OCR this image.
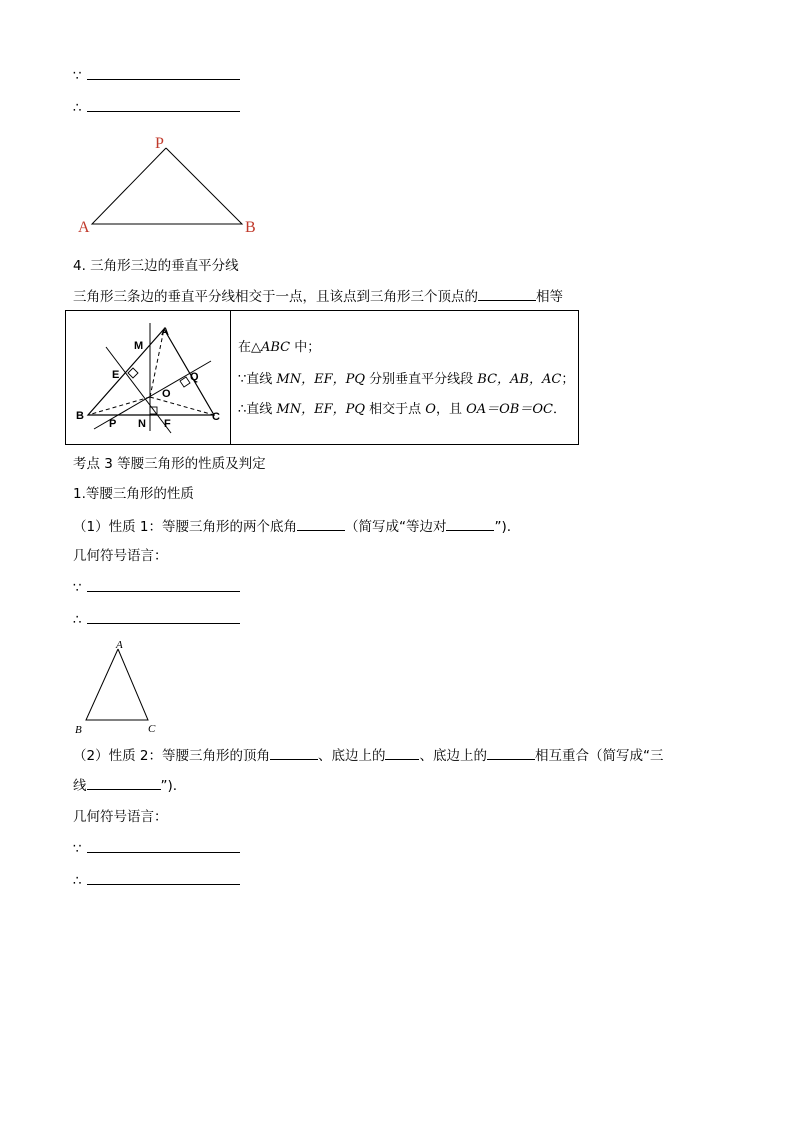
∵
∴
P
A	B
4. 三角形三边的垂直平分线
三角形三条边的垂直平分线相交于一点，且该点到三角形三个顶点的	相等
A
M
E	Q
O
B	C
P N F
在△ABC 中；
∵直线 MN，EF，PQ 分别垂直平分线段 BC，AB，AC；
∴直线 MN，EF，PQ 相交于点 O，且 OA＝OB＝OC．
考点 3 等腰三角形的性质及判定
1.等腰三角形的性质
（1）性质 1：等腰三角形的两个底角	（简写成“等边对	”).
几何符号语言：
∵
∴
A
B	C
（2）性质 2：等腰三角形的顶角	、底边上的	、底边上的	相互重合（简写成“三
线	”).
几何符号语言：
∵
∴
